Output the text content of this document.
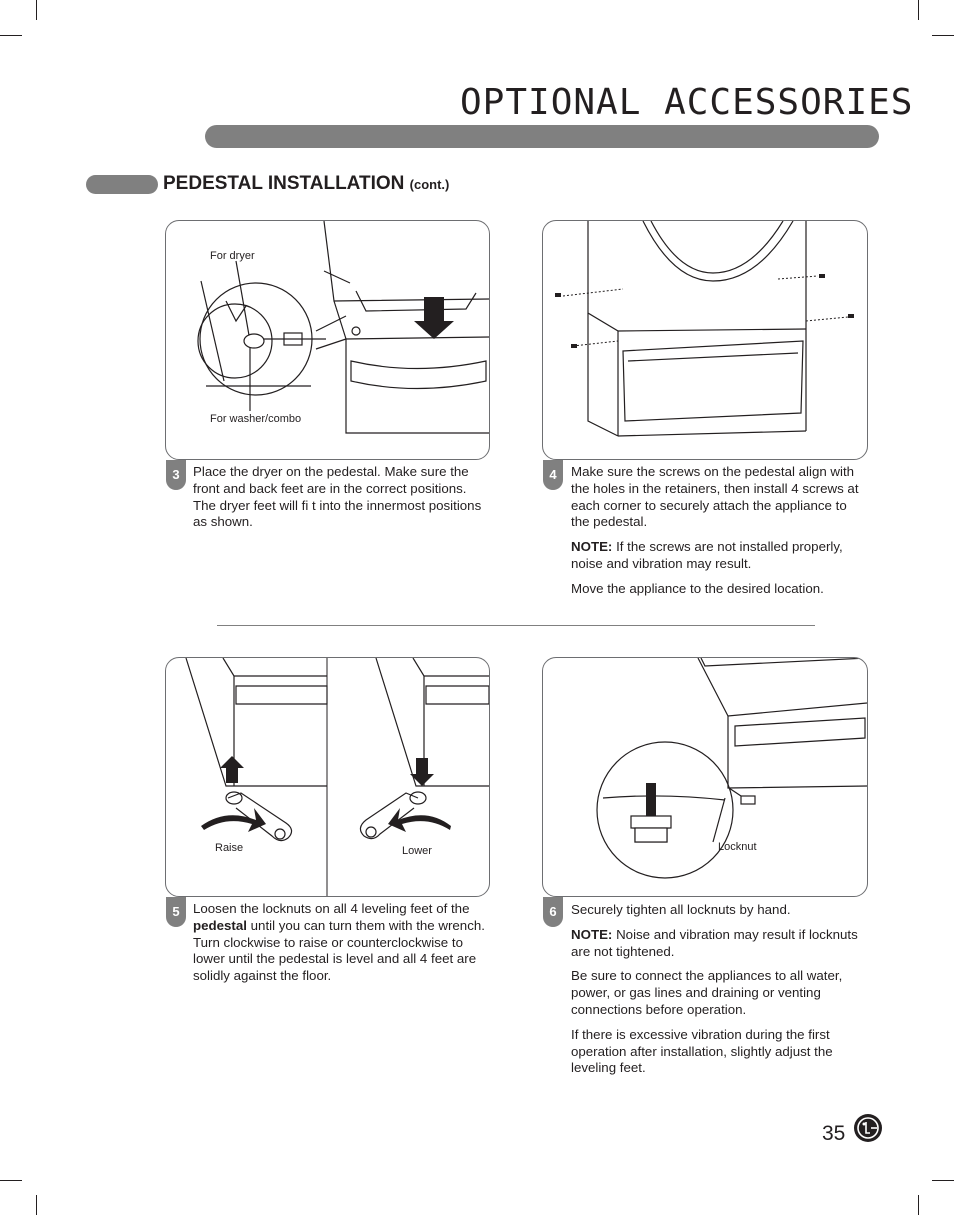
OPTIONAL ACCESSORIES
PEDESTAL INSTALLATION (cont.)
For dryer
For washer/combo
3	Place the dryer on the pedestal. Make sure the front and back feet are in the correct positions. The dryer feet will fi t into the innermost positions as shown.

4	Make sure the screws on the pedestal align with the holes in the retainers, then install 4 screws at each corner to securely attach the appliance to the pedestal.

NOTE: If the screws are not installed properly, noise and vibration may result.

Move the appliance to the desired location.

Raise	Lower
5	Loosen the locknuts on all 4 leveling feet of the pedestal until you can turn them with the wrench. Turn clockwise to raise or counterclockwise to lower until the pedestal is level and all 4 feet are solidly against the floor.

Locknut
6	Securely tighten all locknuts by hand.

NOTE: Noise and vibration may result if locknuts are not tightened.

Be sure to connect the appliances to all water, power, or gas lines and draining or venting connections before operation.

If there is excessive vibration during the first operation after installation, slightly adjust the leveling feet.

35
